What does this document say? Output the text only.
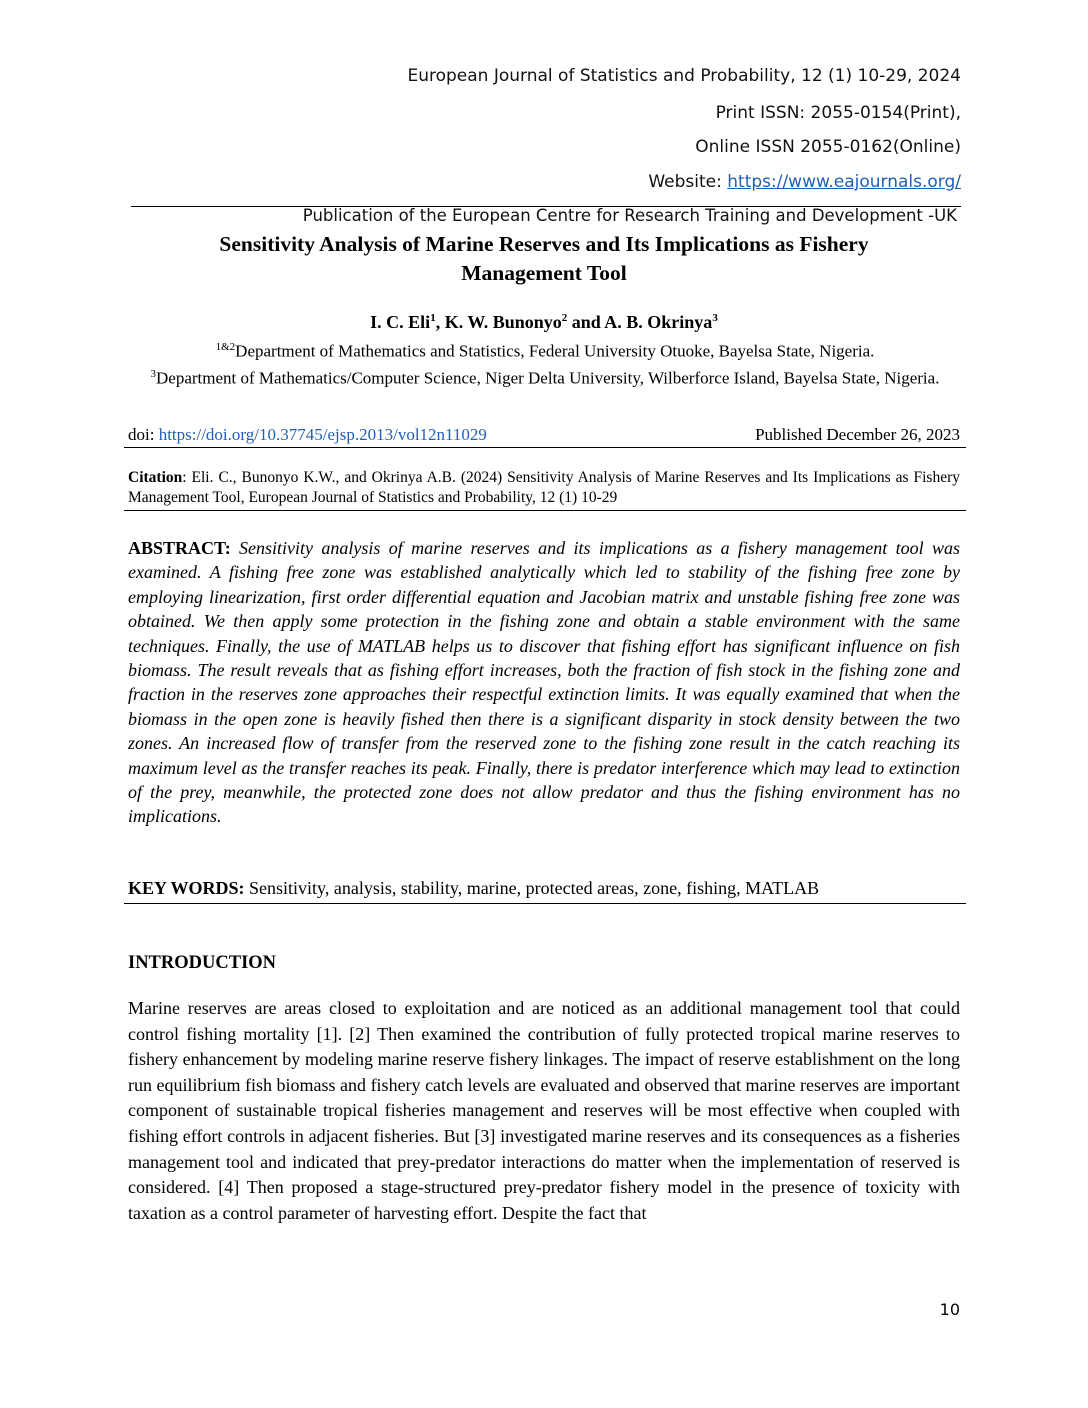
European Journal of Statistics and Probability, 12 (1) 10-29, 2024
Print ISSN: 2055-0154(Print),
Online ISSN 2055-0162(Online)
Website: https://www.eajournals.org/
Publication of the European Centre for Research Training and Development -UK
Sensitivity Analysis of Marine Reserves and Its Implications as Fishery
Management Tool
I. C. Eli$^1$, K. W. Bunonyo$^2$ and A. B. Okrinya$^3$
$^{1\&2}$Department of Mathematics and Statistics, Federal University Otuoke, Bayelsa State, Nigeria.
$^3$Department of Mathematics/Computer Science, Niger Delta University, Wilberforce Island, Bayelsa State, Nigeria.
doi: https://doi.org/10.37745/ejsp.2013/vol12n11029	Published December 26, 2023
Citation: Eli. C., Bunonyo K.W., and Okrinya A.B. (2024) Sensitivity Analysis of Marine Reserves and Its Implications as Fishery Management Tool, European Journal of Statistics and Probability, 12 (1) 10-29
ABSTRACT: Sensitivity analysis of marine reserves and its implications as a fishery management tool was examined. A fishing free zone was established analytically which led to stability of the fishing free zone by employing linearization, first order differential equation and Jacobian matrix and unstable fishing free zone was obtained. We then apply some protection in the fishing zone and obtain a stable environment with the same techniques. Finally, the use of MATLAB helps us to discover that fishing effort has significant influence on fish biomass. The result reveals that as fishing effort increases, both the fraction of fish stock in the fishing zone and fraction in the reserves zone approaches their respectful extinction limits. It was equally examined that when the biomass in the open zone is heavily fished then there is a significant disparity in stock density between the two zones. An increased flow of transfer from the reserved zone to the fishing zone result in the catch reaching its maximum level as the transfer reaches its peak. Finally, there is predator interference which may lead to extinction of the prey, meanwhile, the protected zone does not allow predator and thus the fishing environment has no implications.
KEY WORDS: Sensitivity, analysis, stability, marine, protected areas, zone, fishing, MATLAB
INTRODUCTION
Marine reserves are areas closed to exploitation and are noticed as an additional management tool that could control fishing mortality [1]. [2] Then examined the contribution of fully protected tropical marine reserves to fishery enhancement by modeling marine reserve fishery linkages. The impact of reserve establishment on the long run equilibrium fish biomass and fishery catch levels are evaluated and observed that marine reserves are important component of sustainable tropical fisheries management and reserves will be most effective when coupled with fishing effort controls in adjacent fisheries. But [3] investigated marine reserves and its consequences as a fisheries management tool and indicated that prey-predator interactions do matter when the implementation of reserved is considered. [4] Then proposed a stage-structured prey-predator fishery model in the presence of toxicity with taxation as a control parameter of harvesting effort. Despite the fact that
10
